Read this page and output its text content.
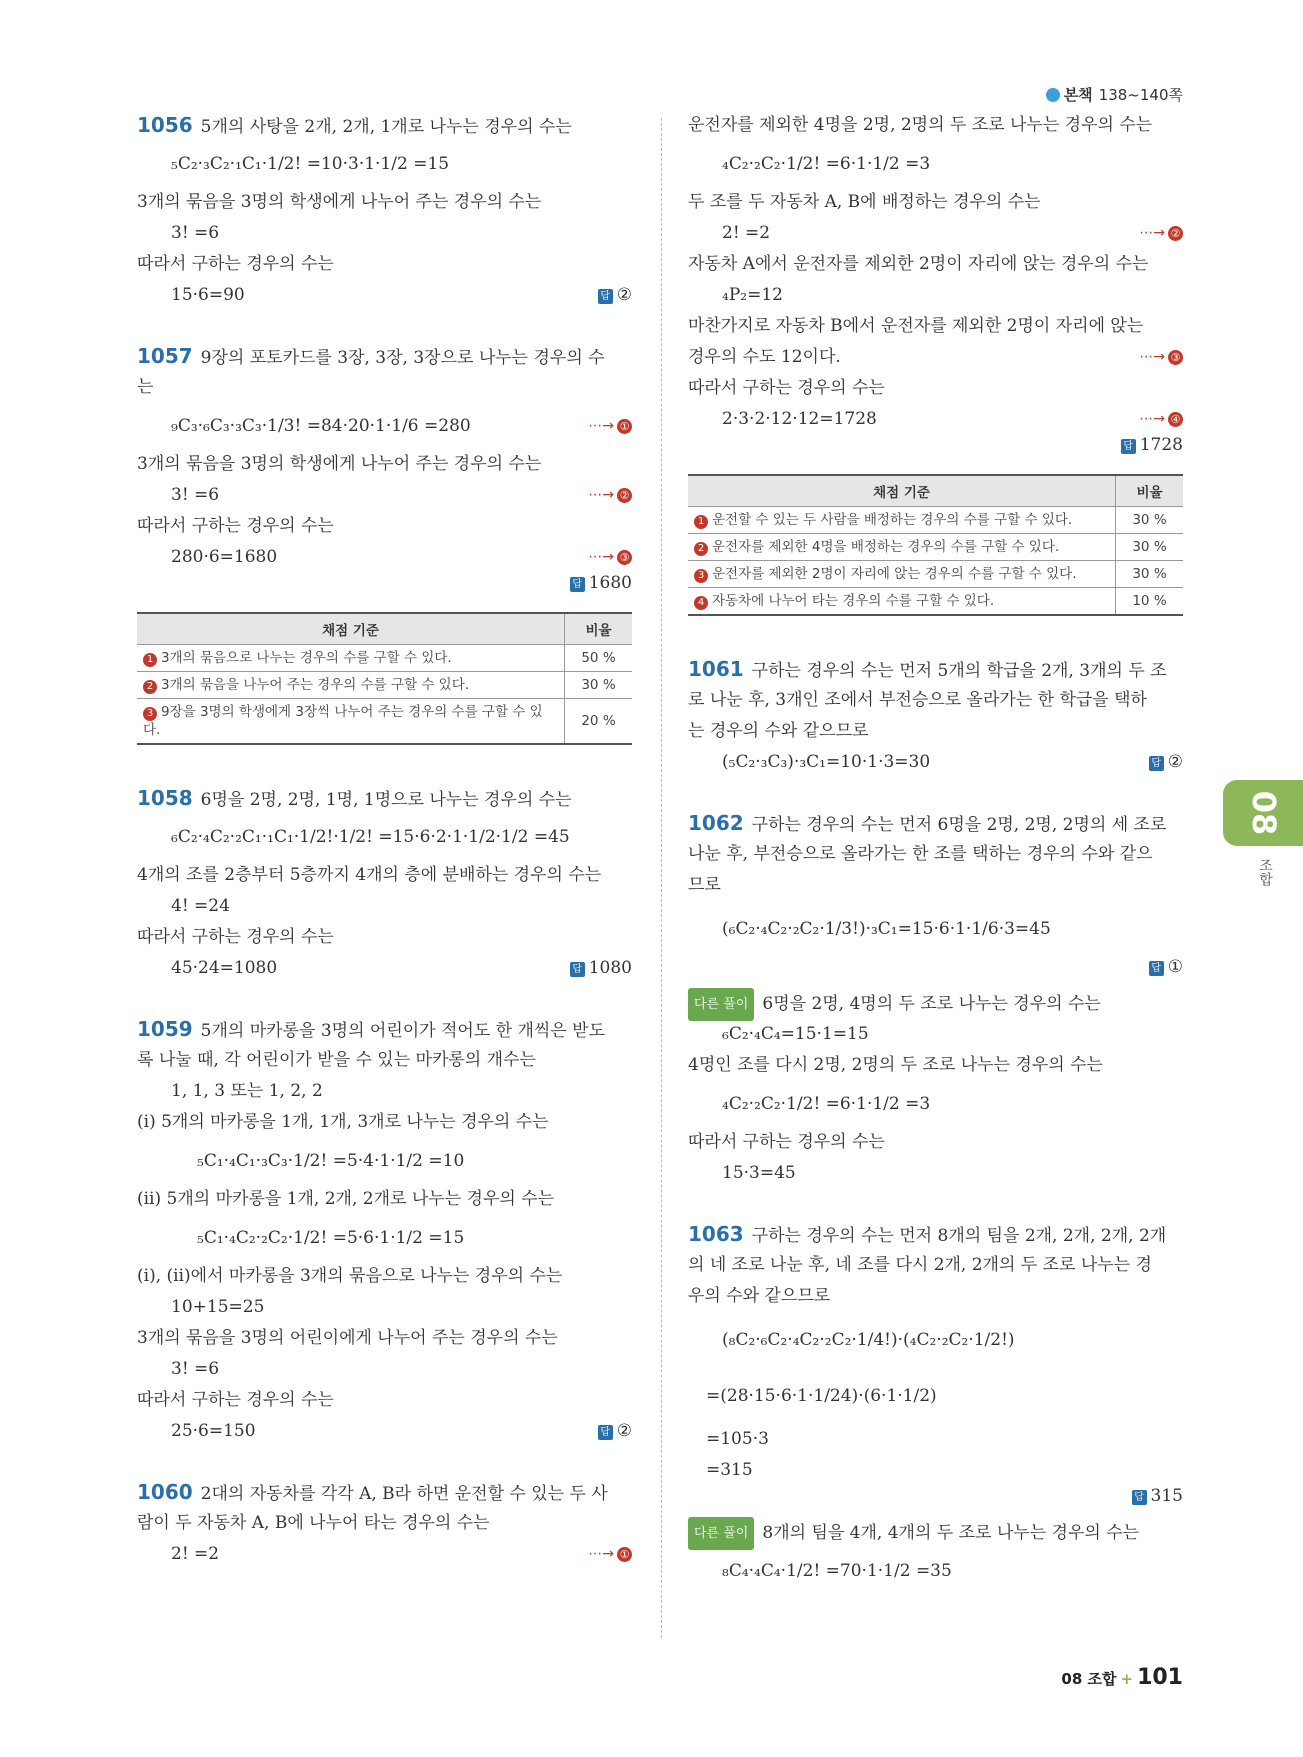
본책 138~140쪽
1056 5개의 사탕을 2개, 2개, 1개로 나누는 경우의 수는
₅C₂·₃C₂·₁C₁·1/2! =10·3·1·1/2 =15
3개의 묶음을 3명의 학생에게 나누어 주는 경우의 수는
3! =6
따라서 구하는 경우의 수는
15·6=90	답 ②
1057 9장의 포토카드를 3장, 3장, 3장으로 나누는 경우의 수
는
₉C₃·₆C₃·₃C₃·1/3! =84·20·1·1/6 =280	⋯→ ①
3개의 묶음을 3명의 학생에게 나누어 주는 경우의 수는
3! =6	⋯→ ②
따라서 구하는 경우의 수는
280·6=1680	⋯→ ③
답 1680
채점 기준	비율
1 3개의 묶음으로 나누는 경우의 수를 구할 수 있다.	50 %
2 3개의 묶음을 나누어 주는 경우의 수를 구할 수 있다.	30 %
3 9장을 3명의 학생에게 3장씩 나누어 주는 경우의 수를 구할 수 있다.	20 %
1058 6명을 2명, 2명, 1명, 1명으로 나누는 경우의 수는
₆C₂·₄C₂·₂C₁·₁C₁·1/2!·1/2! =15·6·2·1·1/2·1/2 =45
4개의 조를 2층부터 5층까지 4개의 층에 분배하는 경우의 수는
4! =24
따라서 구하는 경우의 수는
45·24=1080	답 1080
1059 5개의 마카롱을 3명의 어린이가 적어도 한 개씩은 받도
록 나눌 때, 각 어린이가 받을 수 있는 마카롱의 개수는
1, 1, 3 또는 1, 2, 2
(ⅰ) 5개의 마카롱을 1개, 1개, 3개로 나누는 경우의 수는
₅C₁·₄C₁·₃C₃·1/2! =5·4·1·1/2 =10
(ⅱ) 5개의 마카롱을 1개, 2개, 2개로 나누는 경우의 수는
₅C₁·₄C₂·₂C₂·1/2! =5·6·1·1/2 =15
(ⅰ), (ⅱ)에서 마카롱을 3개의 묶음으로 나누는 경우의 수는
10+15=25
3개의 묶음을 3명의 어린이에게 나누어 주는 경우의 수는
3! =6
따라서 구하는 경우의 수는
25·6=150	답 ②
1060 2대의 자동차를 각각 A, B라 하면 운전할 수 있는 두 사
람이 두 자동차 A, B에 나누어 타는 경우의 수는
2! =2	⋯→ ①
운전자를 제외한 4명을 2명, 2명의 두 조로 나누는 경우의 수는
₄C₂·₂C₂·1/2! =6·1·1/2 =3
두 조를 두 자동차 A, B에 배정하는 경우의 수는
2! =2	⋯→ ②
자동차 A에서 운전자를 제외한 2명이 자리에 앉는 경우의 수는
₄P₂=12
마찬가지로 자동차 B에서 운전자를 제외한 2명이 자리에 앉는
경우의 수도 12이다.	⋯→ ③
따라서 구하는 경우의 수는
2·3·2·12·12=1728	⋯→ ④
답 1728
채점 기준	비율
1 운전할 수 있는 두 사람을 배정하는 경우의 수를 구할 수 있다.	30 %
2 운전자를 제외한 4명을 배정하는 경우의 수를 구할 수 있다.	30 %
3 운전자를 제외한 2명이 자리에 앉는 경우의 수를 구할 수 있다.	30 %
4 자동차에 나누어 타는 경우의 수를 구할 수 있다.	10 %
1061 구하는 경우의 수는 먼저 5개의 학급을 2개, 3개의 두 조
로 나눈 후, 3개인 조에서 부전승으로 올라가는 한 학급을 택하
는 경우의 수와 같으므로
(₅C₂·₃C₃)·₃C₁=10·1·3=30	답 ②
1062 구하는 경우의 수는 먼저 6명을 2명, 2명, 2명의 세 조로
나눈 후, 부전승으로 올라가는 한 조를 택하는 경우의 수와 같으
므로
(₆C₂·₄C₂·₂C₂·1/3!)·₃C₁=15·6·1·1/6·3=45
답 ①
다른 풀이 6명을 2명, 4명의 두 조로 나누는 경우의 수는
₆C₂·₄C₄=15·1=15
4명인 조를 다시 2명, 2명의 두 조로 나누는 경우의 수는
₄C₂·₂C₂·1/2! =6·1·1/2 =3
따라서 구하는 경우의 수는
15·3=45
1063 구하는 경우의 수는 먼저 8개의 팀을 2개, 2개, 2개, 2개
의 네 조로 나눈 후, 네 조를 다시 2개, 2개의 두 조로 나누는 경
우의 수와 같으므로
(₈C₂·₆C₂·₄C₂·₂C₂·1/4!)·(₄C₂·₂C₂·1/2!)
=(28·15·6·1·1/24)·(6·1·1/2)
=105·3
=315
답 315
다른 풀이 8개의 팀을 4개, 4개의 두 조로 나누는 경우의 수는
₈C₄·₄C₄·1/2! =70·1·1/2 =35
08
조합
08 조합 + 101
